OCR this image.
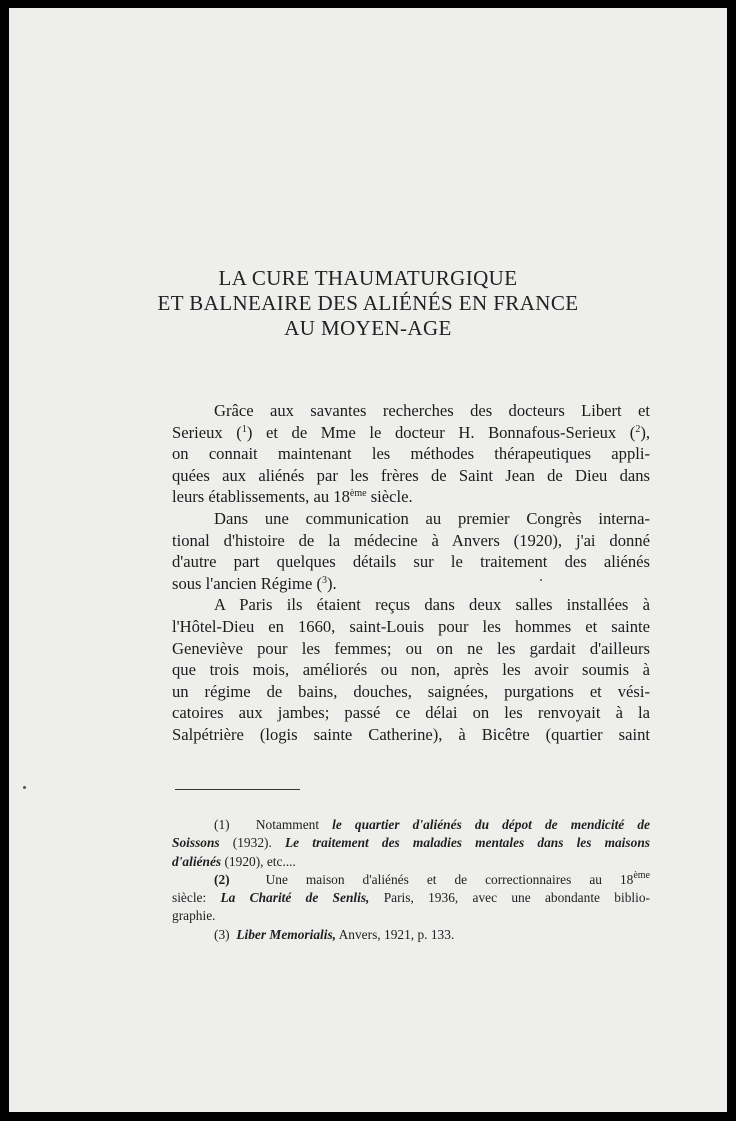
LA CURE THAUMATURGIQUE
ET BALNEAIRE DES ALIÉNÉS EN FRANCE
AU MOYEN-AGE
Grâce aux savantes recherches des docteurs Libert et
Serieux ($^1$) et de Mme le docteur H. Bonnafous-Serieux ($^2$),
on connait maintenant les méthodes thérapeutiques appli-
quées aux aliénés par les frères de Saint Jean de Dieu dans
leurs établissements, au 18ème siècle.
Dans une communication au premier Congrès interna-
tional d'histoire de la médecine à Anvers (1920), j'ai donné
d'autre part quelques détails sur le traitement des aliénés
sous l'ancien Régime ($^3$).
A Paris ils étaient reçus dans deux salles installées à
l'Hôtel-Dieu en 1660, saint-Louis pour les hommes et sainte
Geneviève pour les femmes; ou on ne les gardait d'ailleurs
que trois mois, améliorés ou non, après les avoir soumis à
un régime de bains, douches, saignées, purgations et vési-
catoires aux jambes; passé ce délai on les renvoyait à la
Salpétrière (logis sainte Catherine), à Bicêtre (quartier saint
(1) Notamment le quartier d'aliénés du dépot de mendicité de
Soissons (1932). Le traitement des maladies mentales dans les maisons
d'aliénés (1920), etc....
(2)	Une maison d'aliénés et de correctionnaires au 18ème
siècle: La Charité de Senlis, Paris, 1936, avec une abondante biblio-
graphie.
(3) Liber Memorialis, Anvers, 1921, p. 133.
